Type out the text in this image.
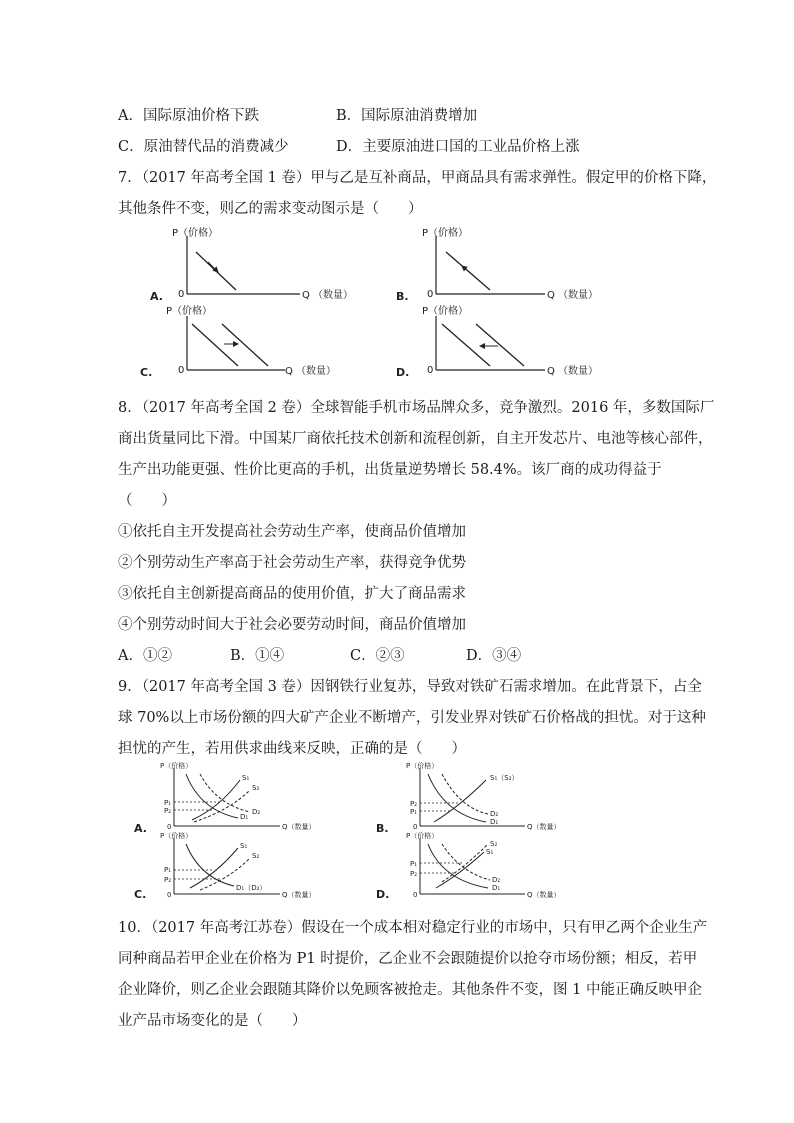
A．国际原油价格下跌	B．国际原油消费增加
C．原油替代品的消费减少	D．主要原油进口国的工业品价格上涨
7．（2017 年高考全国 1 卷）甲与乙是互补商品，甲商品具有需求弹性。假定甲的价格下降，
其他条件不变，则乙的需求变动图示是（　　）
P（价格）
0	Q （数量）
A.
P（价格）
0	Q （数量）
B.
P（价格）
0	Q （数量）
C.
P（价格）
0	Q （数量）
D.
8．（2017 年高考全国 2 卷）全球智能手机市场品牌众多，竞争激烈。2016 年，多数国际厂
商出货量同比下滑。中国某厂商依托技术创新和流程创新，自主开发芯片、电池等核心部件，
生产出功能更强、性价比更高的手机，出货量逆势增长 58.4%。该厂商的成功得益于
（　　）
①依托自主开发提高社会劳动生产率，使商品价值增加
②个别劳动生产率高于社会劳动生产率，获得竞争优势
③依托自主创新提高商品的使用价值，扩大了商品需求
④个别劳动时间大于社会必要劳动时间，商品价值增加
A．①②	B．①④	C．②③	D．③④
9．（2017 年高考全国 3 卷）因钢铁行业复苏，导致对铁矿石需求增加。在此背景下，占全
球 70%以上市场份额的四大矿产企业不断增产，引发业界对铁矿石价格战的担忧。对于这种
担忧的产生，若用供求曲线来反映，正确的是（　　）
P（价格）
0	Q（数量）
A.
P₁
P₂
S₁
S₂
D₁
D₂
P（价格）
0	Q（数量）
B.
P₂
P₁
S₁（S₂）
D₂
D₁
P（价格）
0	Q（数量）
C.
P₁
P₂
S₁
S₂
D₁（D₂）
P（价格）
0	Q（数量）
D.
P₁
P₂
S₂
S₁
D₂
D₁
10．（2017 年高考江苏卷）假设在一个成本相对稳定行业的市场中，只有甲乙两个企业生产
同种商品若甲企业在价格为 P1 时提价，乙企业不会跟随提价以抢夺市场份额；相反，若甲
企业降价，则乙企业会跟随其降价以免顾客被抢走。其他条件不变，图 1 中能正确反映甲企
业产品市场变化的是（　　）
